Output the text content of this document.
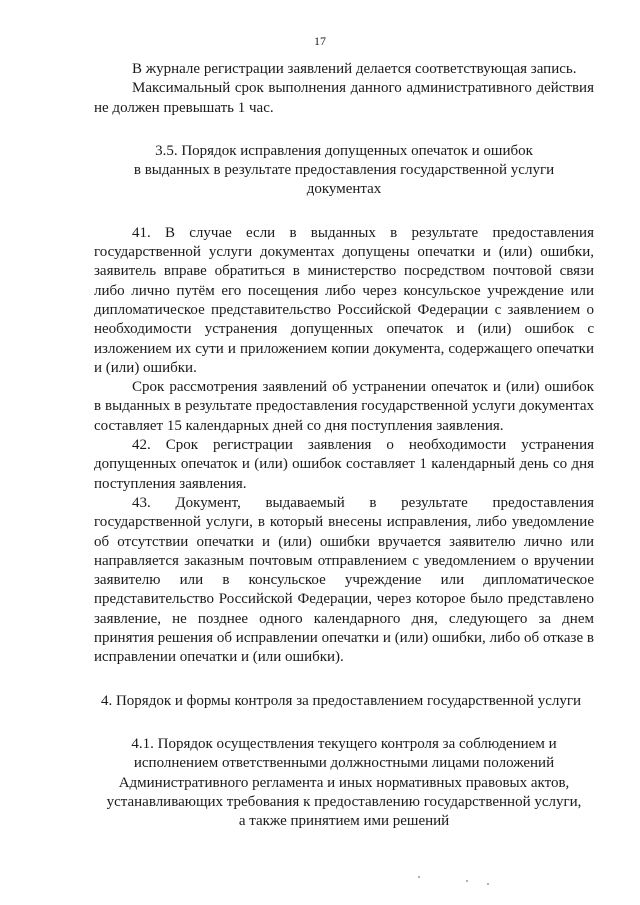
17

В журнале регистрации заявлений делается соответствующая запись.

Максимальный срок выполнения данного административного действия не должен превышать 1 час.

3.5. Порядок исправления допущенных опечаток и ошибок

в выданных в результате предоставления государственной услуги

документах

41. В случае если в выданных в результате предоставления государственной услуги документах допущены опечатки и (или) ошибки, заявитель вправе обратиться в министерство посредством почтовой связи либо лично путём его посещения либо через консульское учреждение или дипломатическое представительство Российской Федерации с заявлением о необходимости устранения допущенных опечаток и (или) ошибок с изложением их сути и приложением копии документа, содержащего опечатки и (или) ошибки.

Срок рассмотрения заявлений об устранении опечаток и (или) ошибок в выданных в результате предоставления государственной услуги документах составляет 15 календарных дней со дня поступления заявления.

42. Срок регистрации заявления о необходимости устранения допущенных опечаток и (или) ошибок составляет 1 календарный день со дня поступления заявления.

43. Документ, выдаваемый в результате предоставления государственной услуги, в который внесены исправления, либо уведомление об отсутствии опечатки и (или) ошибки вручается заявителю лично или направляется заказным почтовым отправлением с уведомлением о вручении заявителю или в консульское учреждение или дипломатическое представительство Российской Федерации, через которое было представлено заявление, не позднее одного календарного дня, следующего за днем принятия решения об исправлении опечатки и (или) ошибки, либо об отказе в исправлении опечатки и (или ошибки).

4. Порядок и формы контроля за предоставлением государственной услуги

4.1. Порядок осуществления текущего контроля за соблюдением и

исполнением ответственными должностными лицами положений

Административного регламента и иных нормативных правовых актов,

устанавливающих требования к предоставлению государственной услуги,

а также принятием ими решений
